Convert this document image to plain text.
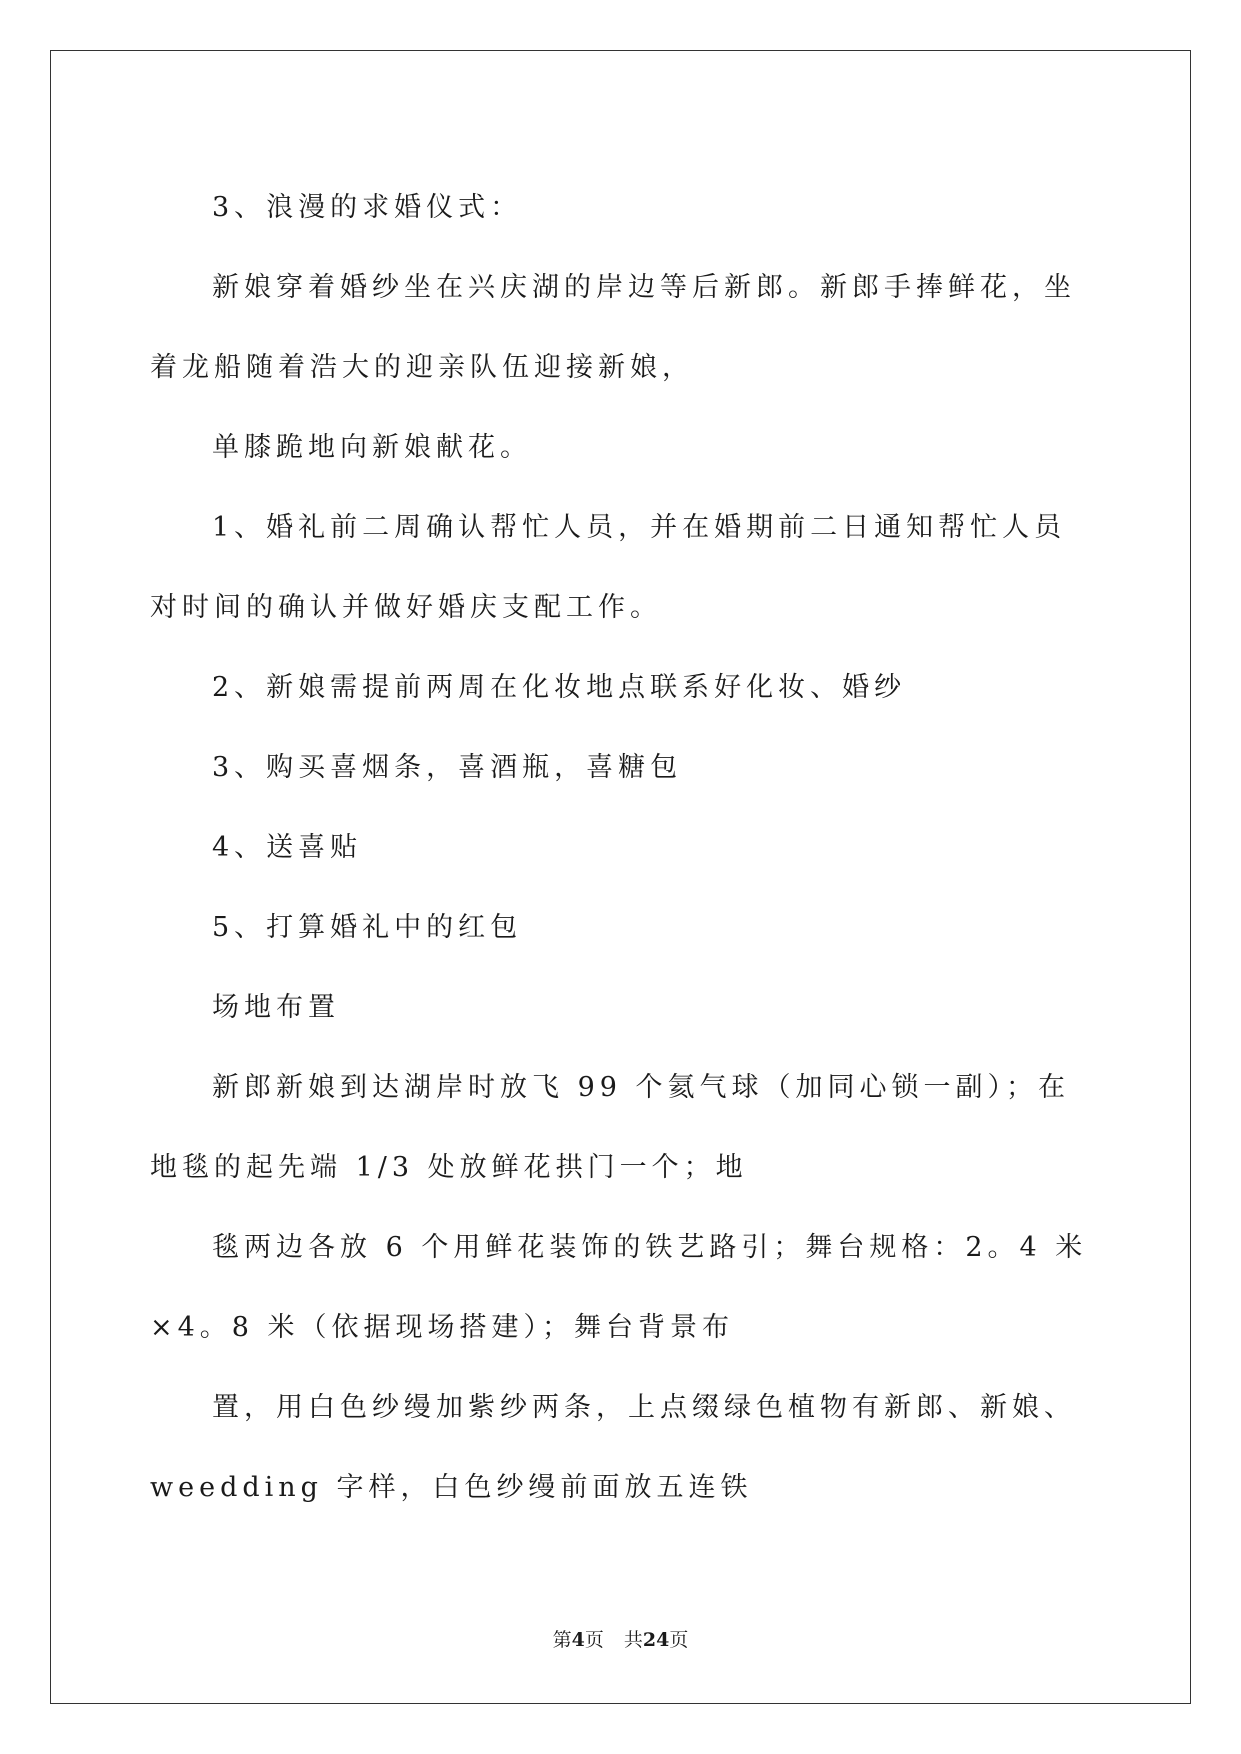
3、浪漫的求婚仪式：

新娘穿着婚纱坐在兴庆湖的岸边等后新郎。新郎手捧鲜花，坐着龙船随着浩大的迎亲队伍迎接新娘，

单膝跪地向新娘献花。

1、婚礼前二周确认帮忙人员，并在婚期前二日通知帮忙人员对时间的确认并做好婚庆支配工作。

2、新娘需提前两周在化妆地点联系好化妆、婚纱

3、购买喜烟条，喜酒瓶，喜糖包

4、送喜贴

5、打算婚礼中的红包

场地布置

新郎新娘到达湖岸时放飞 99 个氦气球（加同心锁一副）；在地毯的起先端 1/3 处放鲜花拱门一个；地

毯两边各放 6 个用鲜花装饰的铁艺路引；舞台规格：2。4 米×4。8 米（依据现场搭建）；舞台背景布

置，用白色纱缦加紫纱两条，上点缀绿色植物有新郎、新娘、weedding 字样，白色纱缦前面放五连铁

第4页 共24页
